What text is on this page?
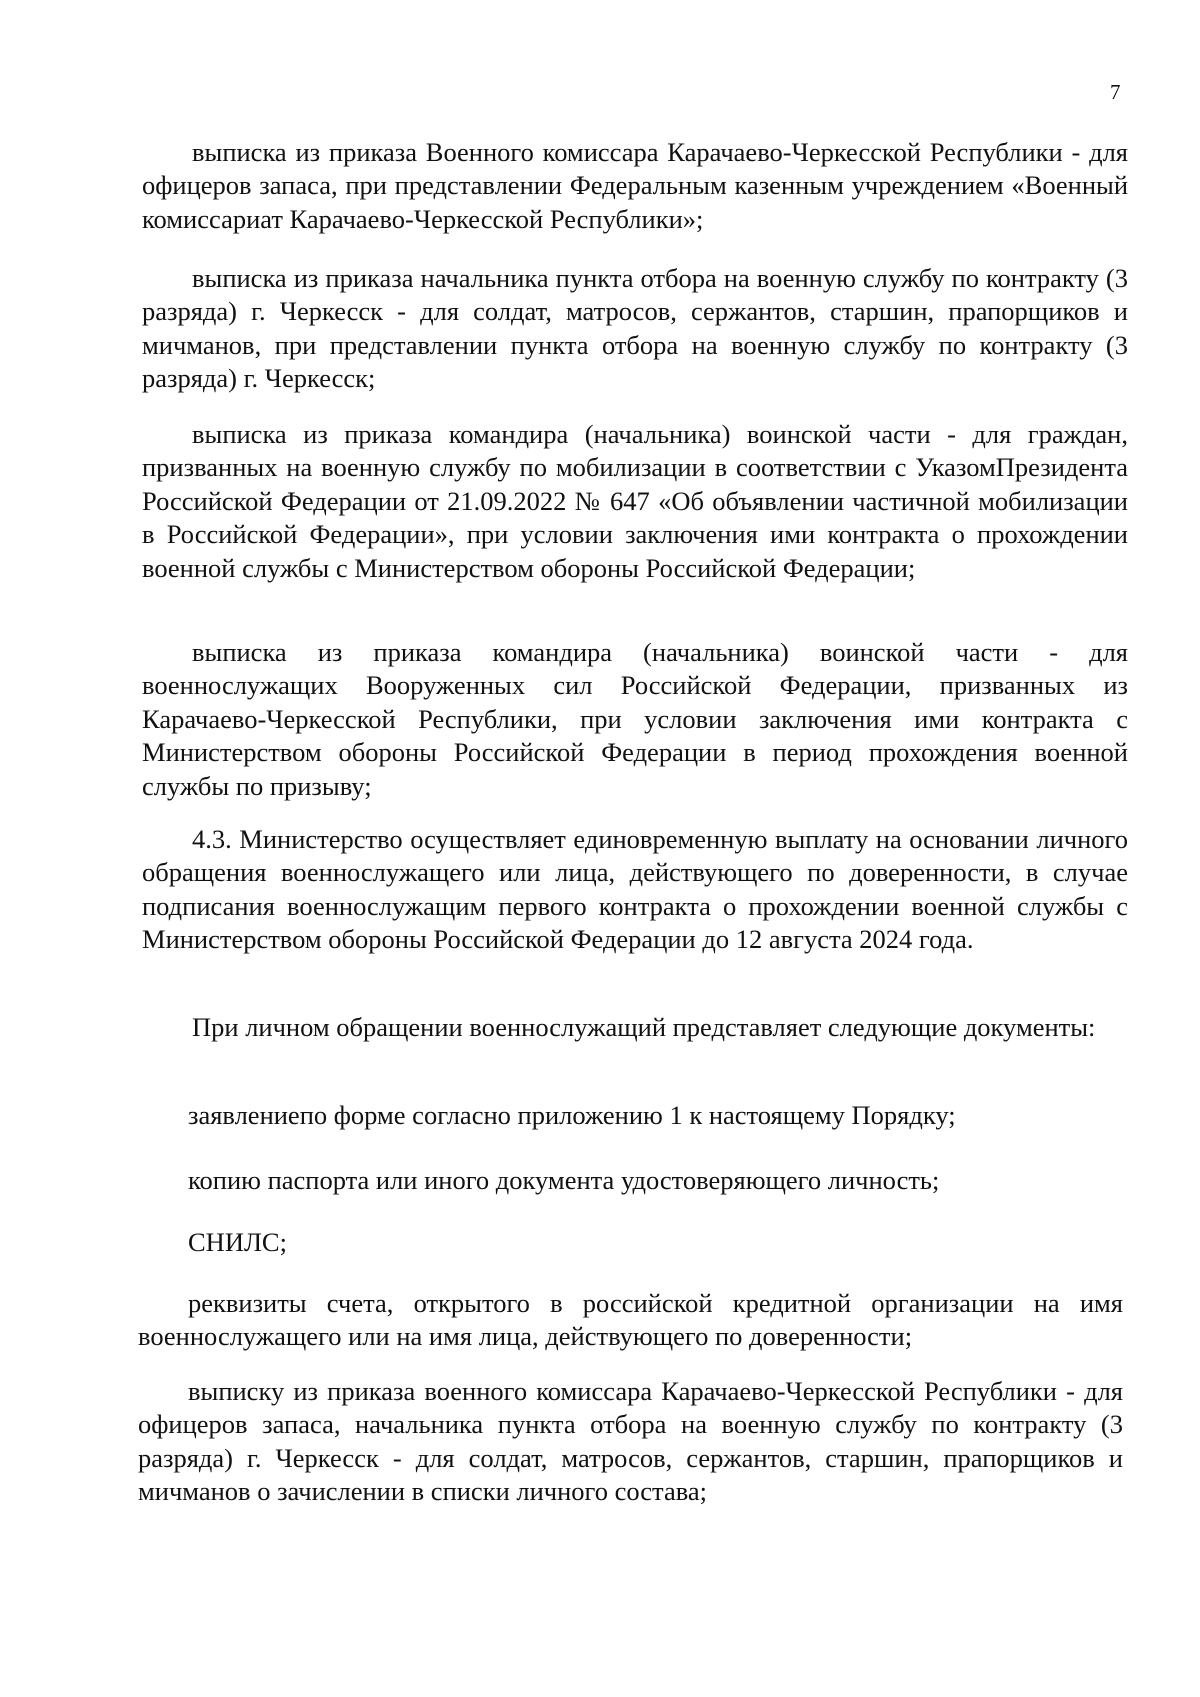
7

выписка из приказа Военного комиссара Карачаево-Черкесской Республики - для офицеров запаса, при представлении Федеральным казенным учреждением «Военный комиссариат Карачаево-Черкесской Республики»;

выписка из приказа начальника пункта отбора на военную службу по контракту (3 разряда) г. Черкесск - для солдат, матросов, сержантов, старшин, прапорщиков и мичманов, при представлении пункта отбора на военную службу по контракту (3 разряда) г. Черкесск;

выписка из приказа командира (начальника) воинской части - для граждан, призванных на военную службу по мобилизации в соответствии с УказомПрезидента Российской Федерации от 21.09.2022 № 647 «Об объявлении частичной мобилизации в Российской Федерации», при условии заключения ими контракта о прохождении военной службы с Министерством обороны Российской Федерации;

выписка из приказа командира (начальника) воинской части - для военнослужащих Вооруженных сил Российской Федерации, призванных из Карачаево-Черкесской Республики, при условии заключения ими контракта с Министерством обороны Российской Федерации в период прохождения военной службы по призыву;

4.3. Министерство осуществляет единовременную выплату на основании личного обращения военнослужащего или лица, действующего по доверенности, в случае подписания военнослужащим первого контракта о прохождении военной службы с Министерством обороны Российской Федерации до 12 августа 2024 года.

При личном обращении военнослужащий представляет следующие документы:

заявлениепо форме согласно приложению 1 к настоящему Порядку;

копию паспорта или иного документа удостоверяющего личность;

СНИЛС;

реквизиты счета, открытого в российской кредитной организации на имя военнослужащего или на имя лица, действующего по доверенности;

выписку из приказа военного комиссара Карачаево-Черкесской Республики - для офицеров запаса, начальника пункта отбора на военную службу по контракту (3 разряда) г. Черкесск - для солдат, матросов, сержантов, старшин, прапорщиков и мичманов о зачислении в списки личного состава;
